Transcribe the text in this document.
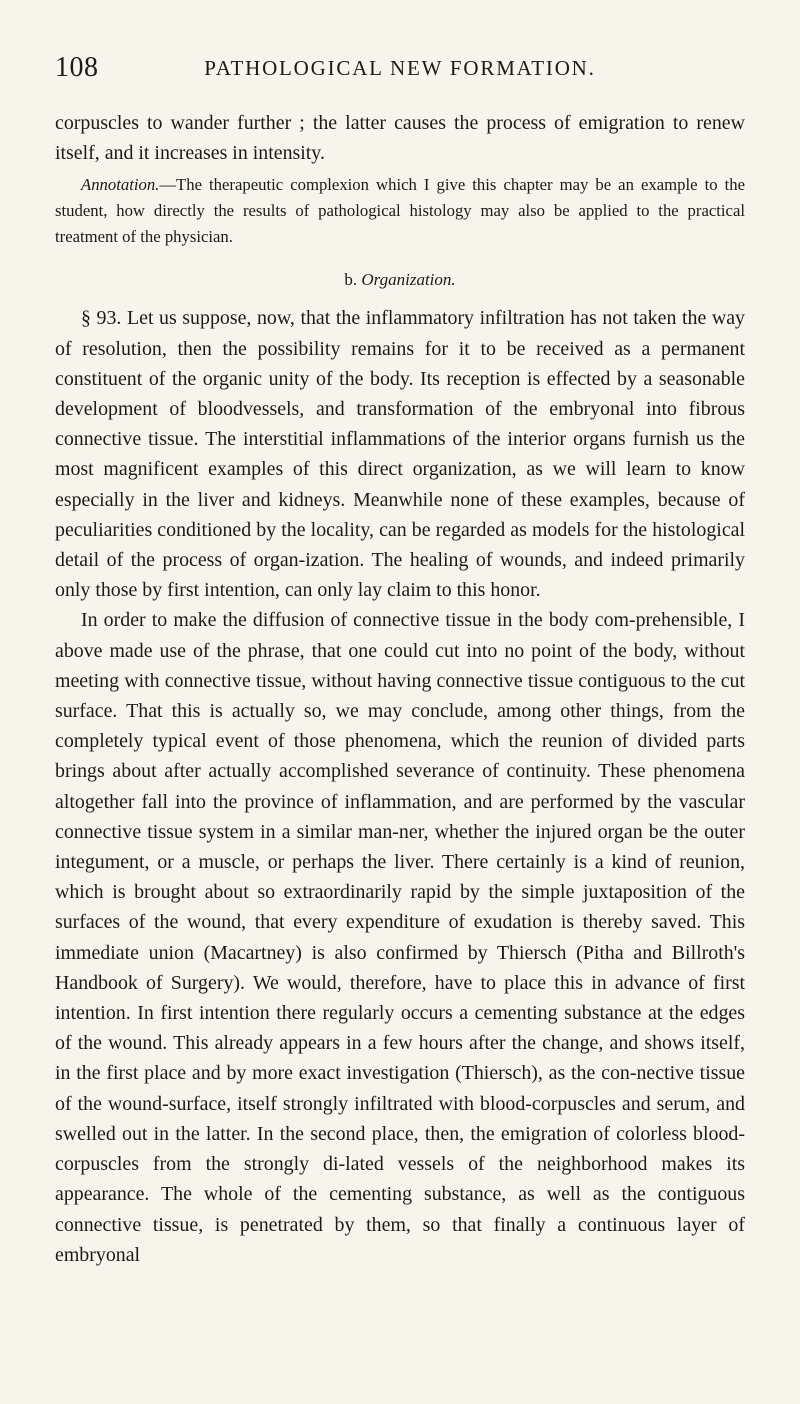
108	PATHOLOGICAL NEW FORMATION.

corpuscles to wander further ; the latter causes the process of emigration to renew itself, and it increases in intensity.

Annotation.—The therapeutic complexion which I give this chapter may be an example to the student, how directly the results of pathological histology may also be applied to the practical treatment of the physician.

b. Organization.

§ 93. Let us suppose, now, that the inflammatory infiltration has not taken the way of resolution, then the possibility remains for it to be received as a permanent constituent of the organic unity of the body. Its reception is effected by a seasonable development of bloodvessels, and transformation of the embryonal into fibrous connective tissue. The interstitial inflammations of the interior organs furnish us the most magnificent examples of this direct organization, as we will learn to know especially in the liver and kidneys. Meanwhile none of these examples, because of peculiarities conditioned by the locality, can be regarded as models for the histological detail of the process of organ-ization. The healing of wounds, and indeed primarily only those by first intention, can only lay claim to this honor.

In order to make the diffusion of connective tissue in the body com-prehensible, I above made use of the phrase, that one could cut into no point of the body, without meeting with connective tissue, without having connective tissue contiguous to the cut surface. That this is actually so, we may conclude, among other things, from the completely typical event of those phenomena, which the reunion of divided parts brings about after actually accomplished severance of continuity. These phenomena altogether fall into the province of inflammation, and are performed by the vascular connective tissue system in a similar man-ner, whether the injured organ be the outer integument, or a muscle, or perhaps the liver. There certainly is a kind of reunion, which is brought about so extraordinarily rapid by the simple juxtaposition of the surfaces of the wound, that every expenditure of exudation is thereby saved. This immediate union (Macartney) is also confirmed by Thiersch (Pitha and Billroth's Handbook of Surgery). We would, therefore, have to place this in advance of first intention. In first intention there regularly occurs a cementing substance at the edges of the wound. This already appears in a few hours after the change, and shows itself, in the first place and by more exact investigation (Thiersch), as the con-nective tissue of the wound-surface, itself strongly infiltrated with blood-corpuscles and serum, and swelled out in the latter. In the second place, then, the emigration of colorless blood-corpuscles from the strongly di-lated vessels of the neighborhood makes its appearance. The whole of the cementing substance, as well as the contiguous connective tissue, is penetrated by them, so that finally a continuous layer of embryonal
